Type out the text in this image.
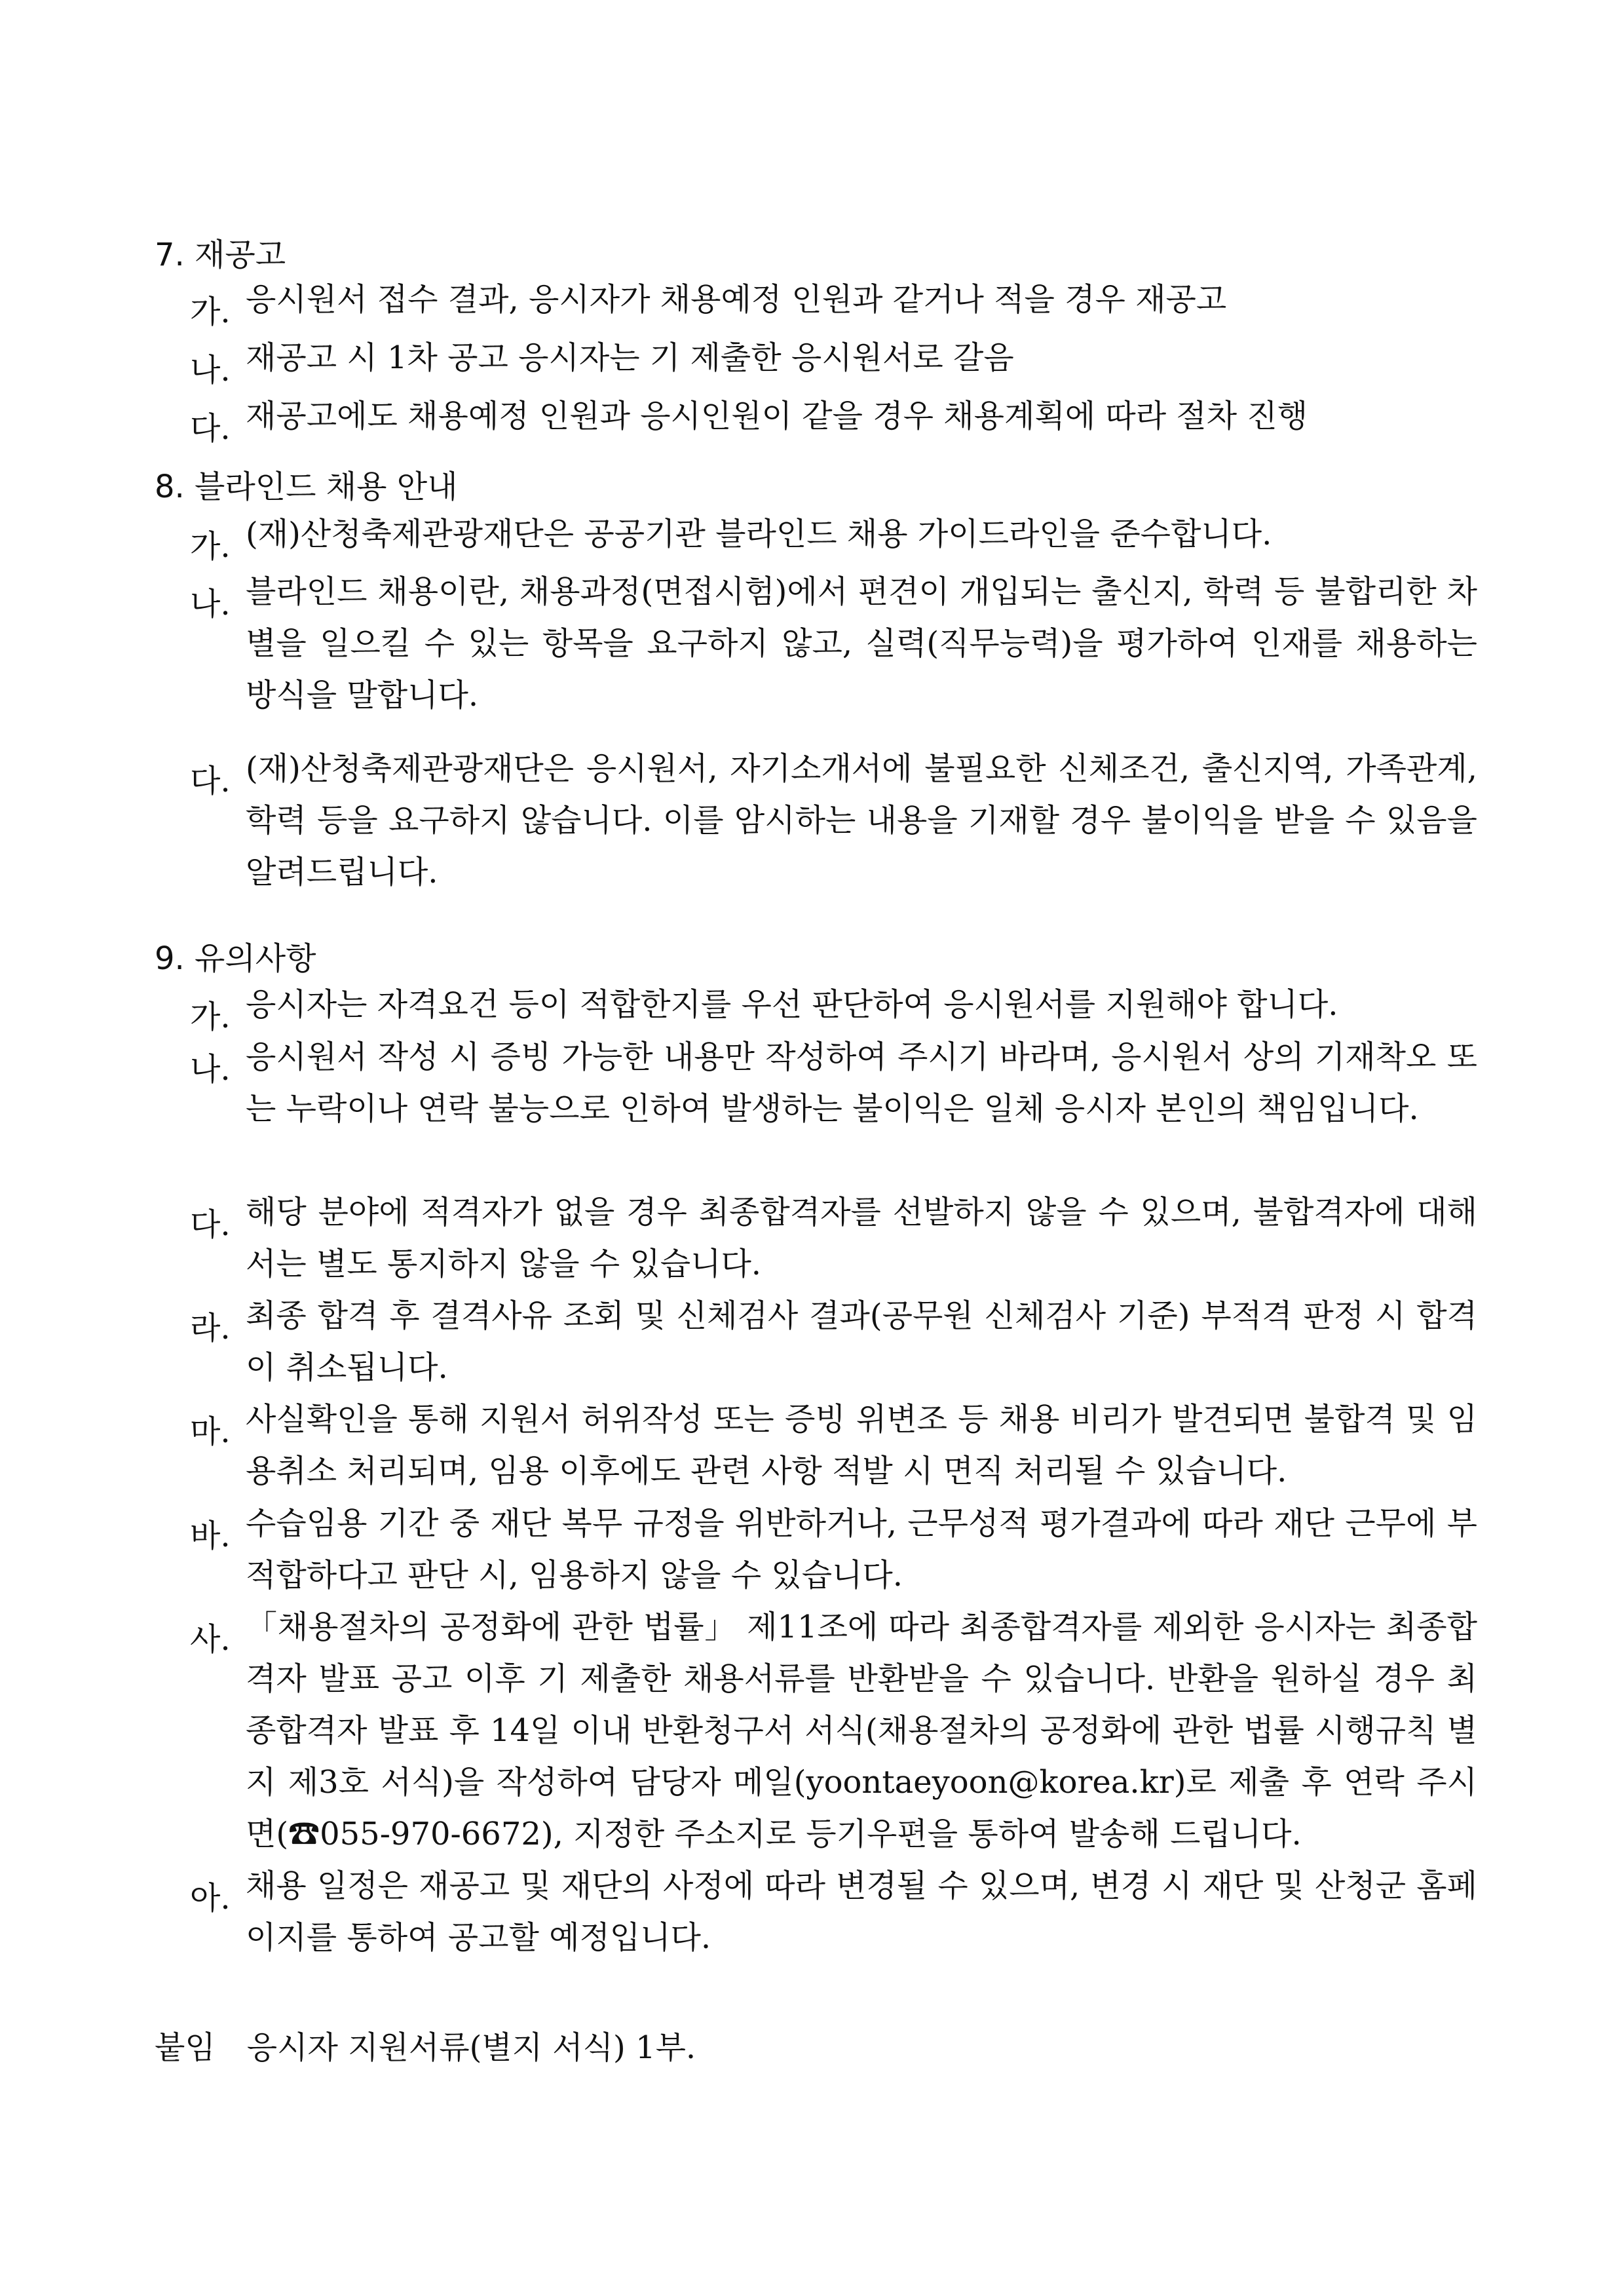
7. 재공고
가. 응시원서 접수 결과, 응시자가 채용예정 인원과 같거나 적을 경우 재공고
나. 재공고 시 1차 공고 응시자는 기 제출한 응시원서로 갈음
다. 재공고에도 채용예정 인원과 응시인원이 같을 경우 채용계획에 따라 절차 진행
8. 블라인드 채용 안내
가. (재)산청축제관광재단은 공공기관 블라인드 채용 가이드라인을 준수합니다.
나. 블라인드 채용이란, 채용과정(면접시험)에서 편견이 개입되는 출신지, 학력 등 불합리한 차별을 일으킬 수 있는 항목을 요구하지 않고, 실력(직무능력)을 평가하여 인재를 채용하는 방식을 말합니다.
다. (재)산청축제관광재단은 응시원서, 자기소개서에 불필요한 신체조건, 출신지역, 가족관계, 학력 등을 요구하지 않습니다. 이를 암시하는 내용을 기재할 경우 불이익을 받을 수 있음을 알려드립니다.
9. 유의사항
가. 응시자는 자격요건 등이 적합한지를 우선 판단하여 응시원서를 지원해야 합니다.
나. 응시원서 작성 시 증빙 가능한 내용만 작성하여 주시기 바라며, 응시원서 상의 기재착오 또는 누락이나 연락 불능으로 인하여 발생하는 불이익은 일체 응시자 본인의 책임입니다.
다. 해당 분야에 적격자가 없을 경우 최종합격자를 선발하지 않을 수 있으며, 불합격자에 대해서는 별도 통지하지 않을 수 있습니다.
라. 최종 합격 후 결격사유 조회 및 신체검사 결과(공무원 신체검사 기준) 부적격 판정 시 합격이 취소됩니다.
마. 사실확인을 통해 지원서 허위작성 또는 증빙 위변조 등 채용 비리가 발견되면 불합격 및 임용취소 처리되며, 임용 이후에도 관련 사항 적발 시 면직 처리될 수 있습니다.
바. 수습임용 기간 중 재단 복무 규정을 위반하거나, 근무성적 평가결과에 따라 재단 근무에 부적합하다고 판단 시, 임용하지 않을 수 있습니다.
사. 「채용절차의 공정화에 관한 법률」 제11조에 따라 최종합격자를 제외한 응시자는 최종합격자 발표 공고 이후 기 제출한 채용서류를 반환받을 수 있습니다. 반환을 원하실 경우 최종합격자 발표 후 14일 이내 반환청구서 서식(채용절차의 공정화에 관한 법률 시행규칙 별지 제3호 서식)을 작성하여 담당자 메일(yoontaeyoon@korea.kr)로 제출 후 연락 주시면(☎055-970-6672), 지정한 주소지로 등기우편을 통하여 발송해 드립니다.
아. 채용 일정은 재공고 및 재단의 사정에 따라 변경될 수 있으며, 변경 시 재단 및 산청군 홈페이지를 통하여 공고할 예정입니다.
붙임 응시자 지원서류(별지 서식) 1부.
